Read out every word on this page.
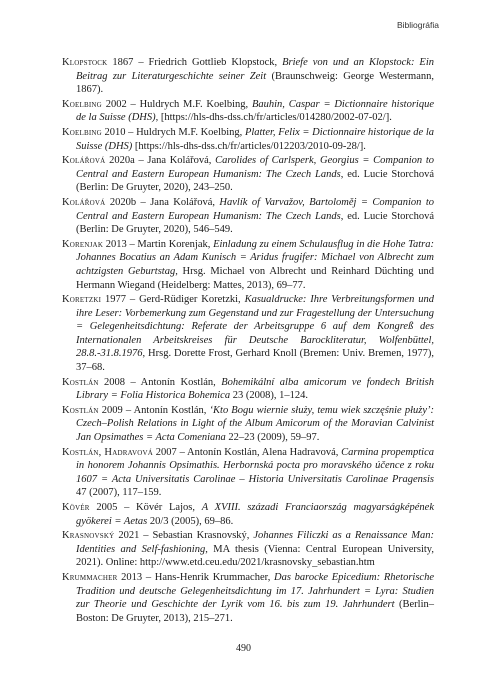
Bibliográfia

Klopstock 1867 – Friedrich Gottlieb Klopstock, Briefe von und an Klopstock: Ein Beitrag zur Literaturgeschichte seiner Zeit (Braunschweig: George Westermann, 1867).

Koelbing 2002 – Huldrych M.F. Koelbing, Bauhin, Caspar = Dictionnaire historique de la Suisse (DHS), [https://hls-dhs-dss.ch/fr/articles/014280/2002-07-02/].

Koelbing 2010 – Huldrych M.F. Koelbing, Platter, Felix = Dictionnaire historique de la Suisse (DHS) [https://hls-dhs-dss.ch/fr/articles/012203/2010-09-28/].

Kolářová 2020a – Jana Kolářová, Carolides of Carlsperk, Georgius = Companion to Central and Eastern European Humanism: The Czech Lands, ed. Lucie Storchová (Berlin: De Gruyter, 2020), 243–250.

Kolářová 2020b – Jana Kolářová, Havlík of Varvažov, Bartoloměj = Companion to Central and Eastern European Humanism: The Czech Lands, ed. Lucie Storchová (Berlin: De Gruyter, 2020), 546–549.

Korenjak 2013 – Martin Korenjak, Einladung zu einem Schulausflug in die Hohe Tatra: Johannes Bocatius an Adam Kunisch = Aridus frugifer: Michael von Albrecht zum achtzigsten Geburtstag, Hrsg. Michael von Albrecht und Reinhard Düchting und Hermann Wiegand (Heidelberg: Mattes, 2013), 69–77.

Koretzki 1977 – Gerd-Rüdiger Koretzki, Kasualdrucke: Ihre Verbreitungsformen und ihre Leser: Vorbemerkung zum Gegenstand und zur Fragestellung der Untersuchung = Gelegenheitsdichtung: Referate der Arbeitsgruppe 6 auf dem Kongreß des Internationalen Arbeitskreises für Deutsche Barockliteratur, Wolfenbüttel, 28.8.-31.8.1976, Hrsg. Dorette Frost, Gerhard Knoll (Bremen: Univ. Bremen, 1977), 37–68.

Kostlán 2008 – Antonín Kostlán, Bohemikální alba amicorum ve fondech British Library = Folia Historica Bohemica 23 (2008), 1–124.

Kostlán 2009 – Antonín Kostlán, ‘Kto Bogu wiernie służy, temu wiek szczęśnie płuży’: Czech–Polish Relations in Light of the Album Amicorum of the Moravian Calvinist Jan Opsimathes = Acta Comeniana 22–23 (2009), 59–97.

Kostlán, Hadravová 2007 – Antonín Kostlán, Alena Hadravová, Carmina propemptica in honorem Johannis Opsimathis. Herbornská pocta pro moravského účence z roku 1607 = Acta Universitatis Carolinae – Historia Universitatis Carolinae Pragensis 47 (2007), 117–159.

Kövér 2005 – Kövér Lajos, A XVIII. századi Franciaország magyarságképének gyökerei = Aetas 20/3 (2005), 69–86.

Krasnovský 2021 – Sebastian Krasnovský, Johannes Filiczki as a Renaissance Man: Identities and Self-fashioning, MA thesis (Vienna: Central European University, 2021). Online: http://www.etd.ceu.edu/2021/krasnovsky_sebastian.htm

Krummacher 2013 – Hans-Henrik Krummacher, Das barocke Epicedium: Rhetorische Tradition und deutsche Gelegenheitsdichtung im 17. Jahrhundert = Lyra: Studien zur Theorie und Geschichte der Lyrik vom 16. bis zum 19. Jahrhundert (Berlin–Boston: De Gruyter, 2013), 215–271.

490
